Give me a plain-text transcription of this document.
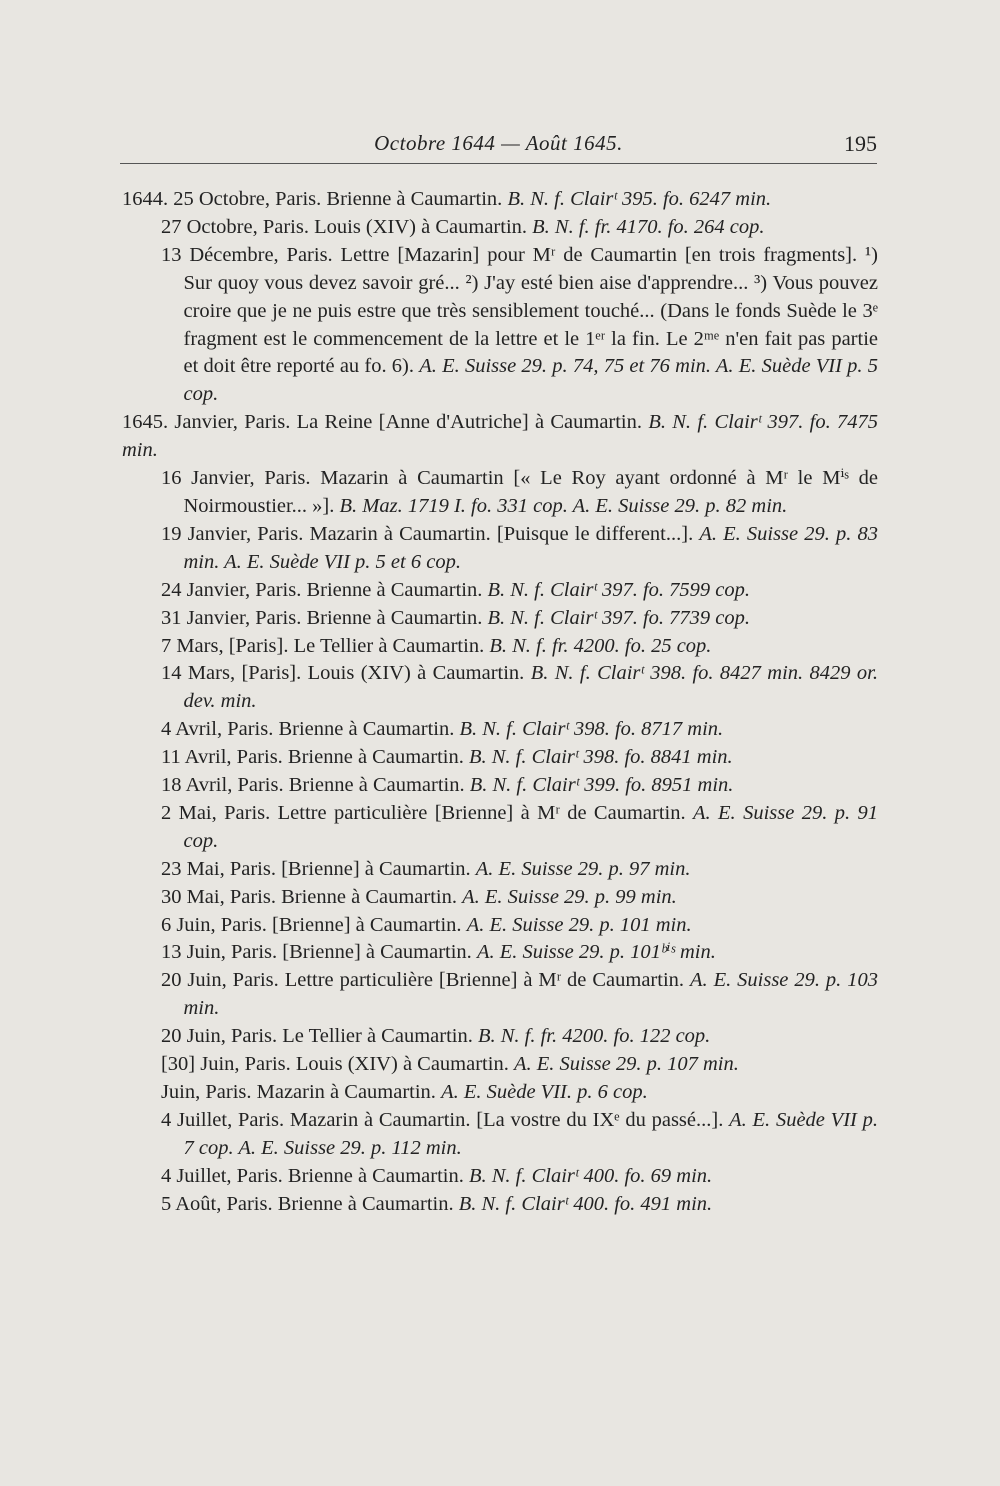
Octobre 1644 — Août 1645.	195

1644. 25 Octobre, Paris. Brienne à Caumartin. B. N. f. Clairᵗ 395. fo. 6247 min.

27 Octobre, Paris. Louis (XIV) à Caumartin. B. N. f. fr. 4170. fo. 264 cop.

13 Décembre, Paris. Lettre [Mazarin] pour Mʳ de Caumartin [en trois fragments]. ¹) Sur quoy vous devez savoir gré... ²) J'ay esté bien aise d'apprendre... ³) Vous pouvez croire que je ne puis estre que très sensiblement touché... (Dans le fonds Suède le 3ᵉ fragment est le commencement de la lettre et le 1ᵉʳ la fin. Le 2ᵐᵉ n'en fait pas partie et doit être reporté au fo. 6). A. E. Suisse 29. p. 74, 75 et 76 min. A. E. Suède VII p. 5 cop.

1645. Janvier, Paris. La Reine [Anne d'Autriche] à Caumartin. B. N. f. Clairᵗ 397. fo. 7475 min.

16 Janvier, Paris. Mazarin à Caumartin [« Le Roy ayant ordonné à Mʳ le Mⁱˢ de Noirmoustier... »]. B. Maz. 1719 I. fo. 331 cop. A. E. Suisse 29. p. 82 min.

19 Janvier, Paris. Mazarin à Caumartin. [Puisque le different...]. A. E. Suisse 29. p. 83 min. A. E. Suède VII p. 5 et 6 cop.

24 Janvier, Paris. Brienne à Caumartin. B. N. f. Clairᵗ 397. fo. 7599 cop.

31 Janvier, Paris. Brienne à Caumartin. B. N. f. Clairᵗ 397. fo. 7739 cop.

7 Mars, [Paris]. Le Tellier à Caumartin. B. N. f. fr. 4200. fo. 25 cop.

14 Mars, [Paris]. Louis (XIV) à Caumartin. B. N. f. Clairᵗ 398. fo. 8427 min. 8429 or. dev. min.

4 Avril, Paris. Brienne à Caumartin. B. N. f. Clairᵗ 398. fo. 8717 min.

11 Avril, Paris. Brienne à Caumartin. B. N. f. Clairᵗ 398. fo. 8841 min.

18 Avril, Paris. Brienne à Caumartin. B. N. f. Clairᵗ 399. fo. 8951 min.

2 Mai, Paris. Lettre particulière [Brienne] à Mʳ de Caumartin. A. E. Suisse 29. p. 91 cop.

23 Mai, Paris. [Brienne] à Caumartin. A. E. Suisse 29. p. 97 min.

30 Mai, Paris. Brienne à Caumartin. A. E. Suisse 29. p. 99 min.

6 Juin, Paris. [Brienne] à Caumartin. A. E. Suisse 29. p. 101 min.

13 Juin, Paris. [Brienne] à Caumartin. A. E. Suisse 29. p. 101ᵇⁱˢ min.

20 Juin, Paris. Lettre particulière [Brienne] à Mʳ de Caumartin. A. E. Suisse 29. p. 103 min.

20 Juin, Paris. Le Tellier à Caumartin. B. N. f. fr. 4200. fo. 122 cop.

[30] Juin, Paris. Louis (XIV) à Caumartin. A. E. Suisse 29. p. 107 min.

Juin, Paris. Mazarin à Caumartin. A. E. Suède VII. p. 6 cop.

4 Juillet, Paris. Mazarin à Caumartin. [La vostre du IXᵉ du passé...]. A. E. Suède VII p. 7 cop. A. E. Suisse 29. p. 112 min.

4 Juillet, Paris. Brienne à Caumartin. B. N. f. Clairᵗ 400. fo. 69 min.

5 Août, Paris. Brienne à Caumartin. B. N. f. Clairᵗ 400. fo. 491 min.
